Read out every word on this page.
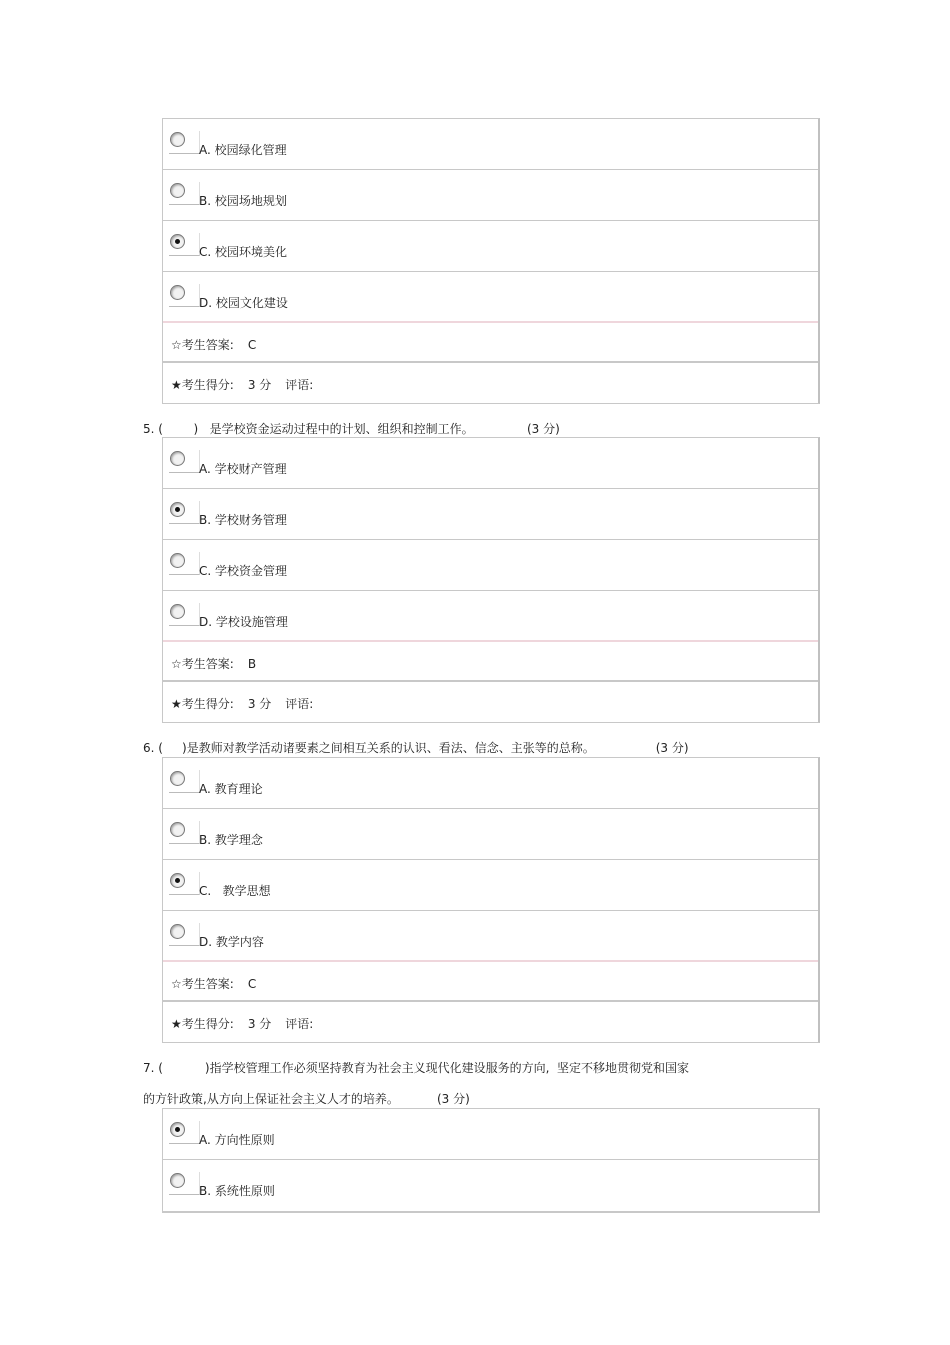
A. 校园绿化管理
B. 校园场地规划
C. 校园环境美化
D. 校园文化建设
☆考生答案: C
★考生得分: 3 分 评语:
5. (        )   是学校资金运动过程中的计划、组织和控制工作。              (3 分)
A. 学校财产管理
B. 学校财务管理
C. 学校资金管理
D. 学校设施管理
☆考生答案: B
★考生得分: 3 分 评语:
6. (     )是教师对教学活动诸要素之间相互关系的认识、看法、信念、主张等的总称。                (3 分)
A. 教育理论
B. 教学理念
C.   教学思想
D. 教学内容
☆考生答案: C
★考生得分: 3 分 评语:
7. (           )指学校管理工作必须坚持教育为社会主义现代化建设服务的方向,  坚定不移地贯彻党和国家
的方针政策,从方向上保证社会主义人才的培养。          (3 分)
A. 方向性原则
B. 系统性原则
